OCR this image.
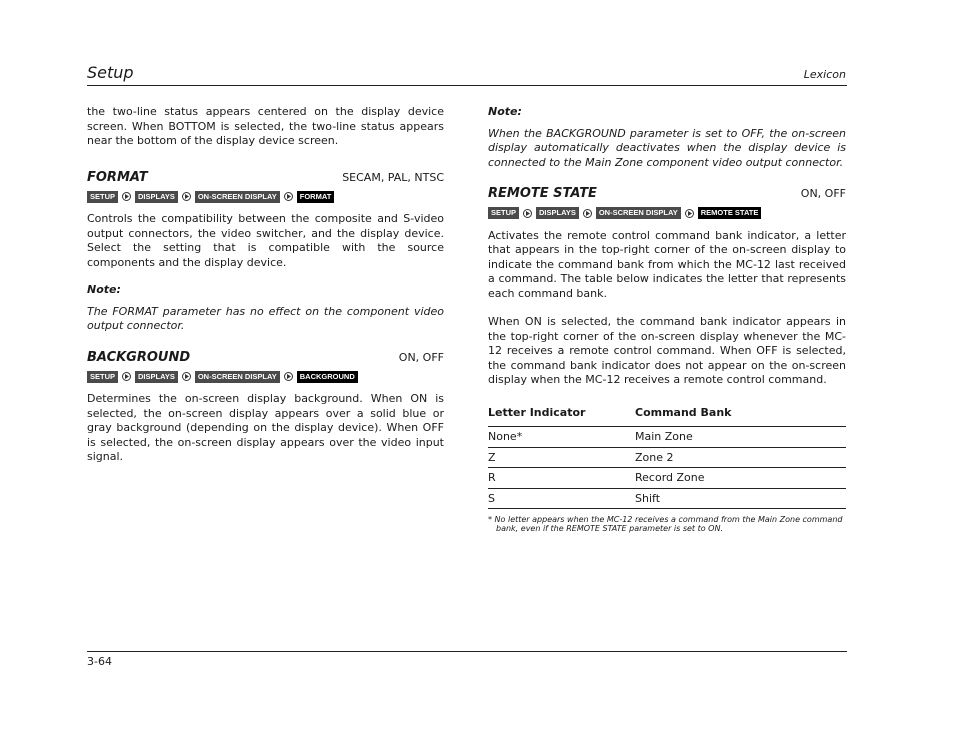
Setup	Lexicon

the two-line status appears centered on the display device screen. When BOTTOM is selected, the two-line status appears near the bottom of the display device screen.

FORMAT	SECAM, PAL, NTSC
SETUP	DISPLAYS	ON-SCREEN DISPLAY	FORMAT

Controls the compatibility between the composite and S-video output connectors, the video switcher, and the display device. Select the setting that is compatible with the source components and the display device.

Note:

The FORMAT parameter has no effect on the component video output connector.

BACKGROUND	ON, OFF
SETUP	DISPLAYS	ON-SCREEN DISPLAY	BACKGROUND

Determines the on-screen display background. When ON is selected, the on-screen display appears over a solid blue or gray background (depending on the display device). When OFF is selected, the on-screen display appears over the video input signal.

Note:

When the BACKGROUND parameter is set to OFF, the on-screen display automatically deactivates when the display device is connected to the Main Zone component video output connector.

REMOTE STATE	ON, OFF
SETUP	DISPLAYS	ON-SCREEN DISPLAY	REMOTE STATE

Activates the remote control command bank indicator, a letter that appears in the top-right corner of the on-screen display to indicate the command bank from which the MC-12 last received a command. The table below indicates the letter that represents each command bank.

When ON is selected, the command bank indicator appears in the top-right corner of the on-screen display whenever the MC-12 receives a remote control command. When OFF is selected, the command bank indicator does not appear on the on-screen display when the MC-12 receives a remote control command.

Letter Indicator	Command Bank
None*	Main Zone
Z	Zone 2
R	Record Zone
S	Shift

* No letter appears when the MC-12 receives a command from the Main Zone command bank, even if the REMOTE STATE parameter is set to ON.

3-64
